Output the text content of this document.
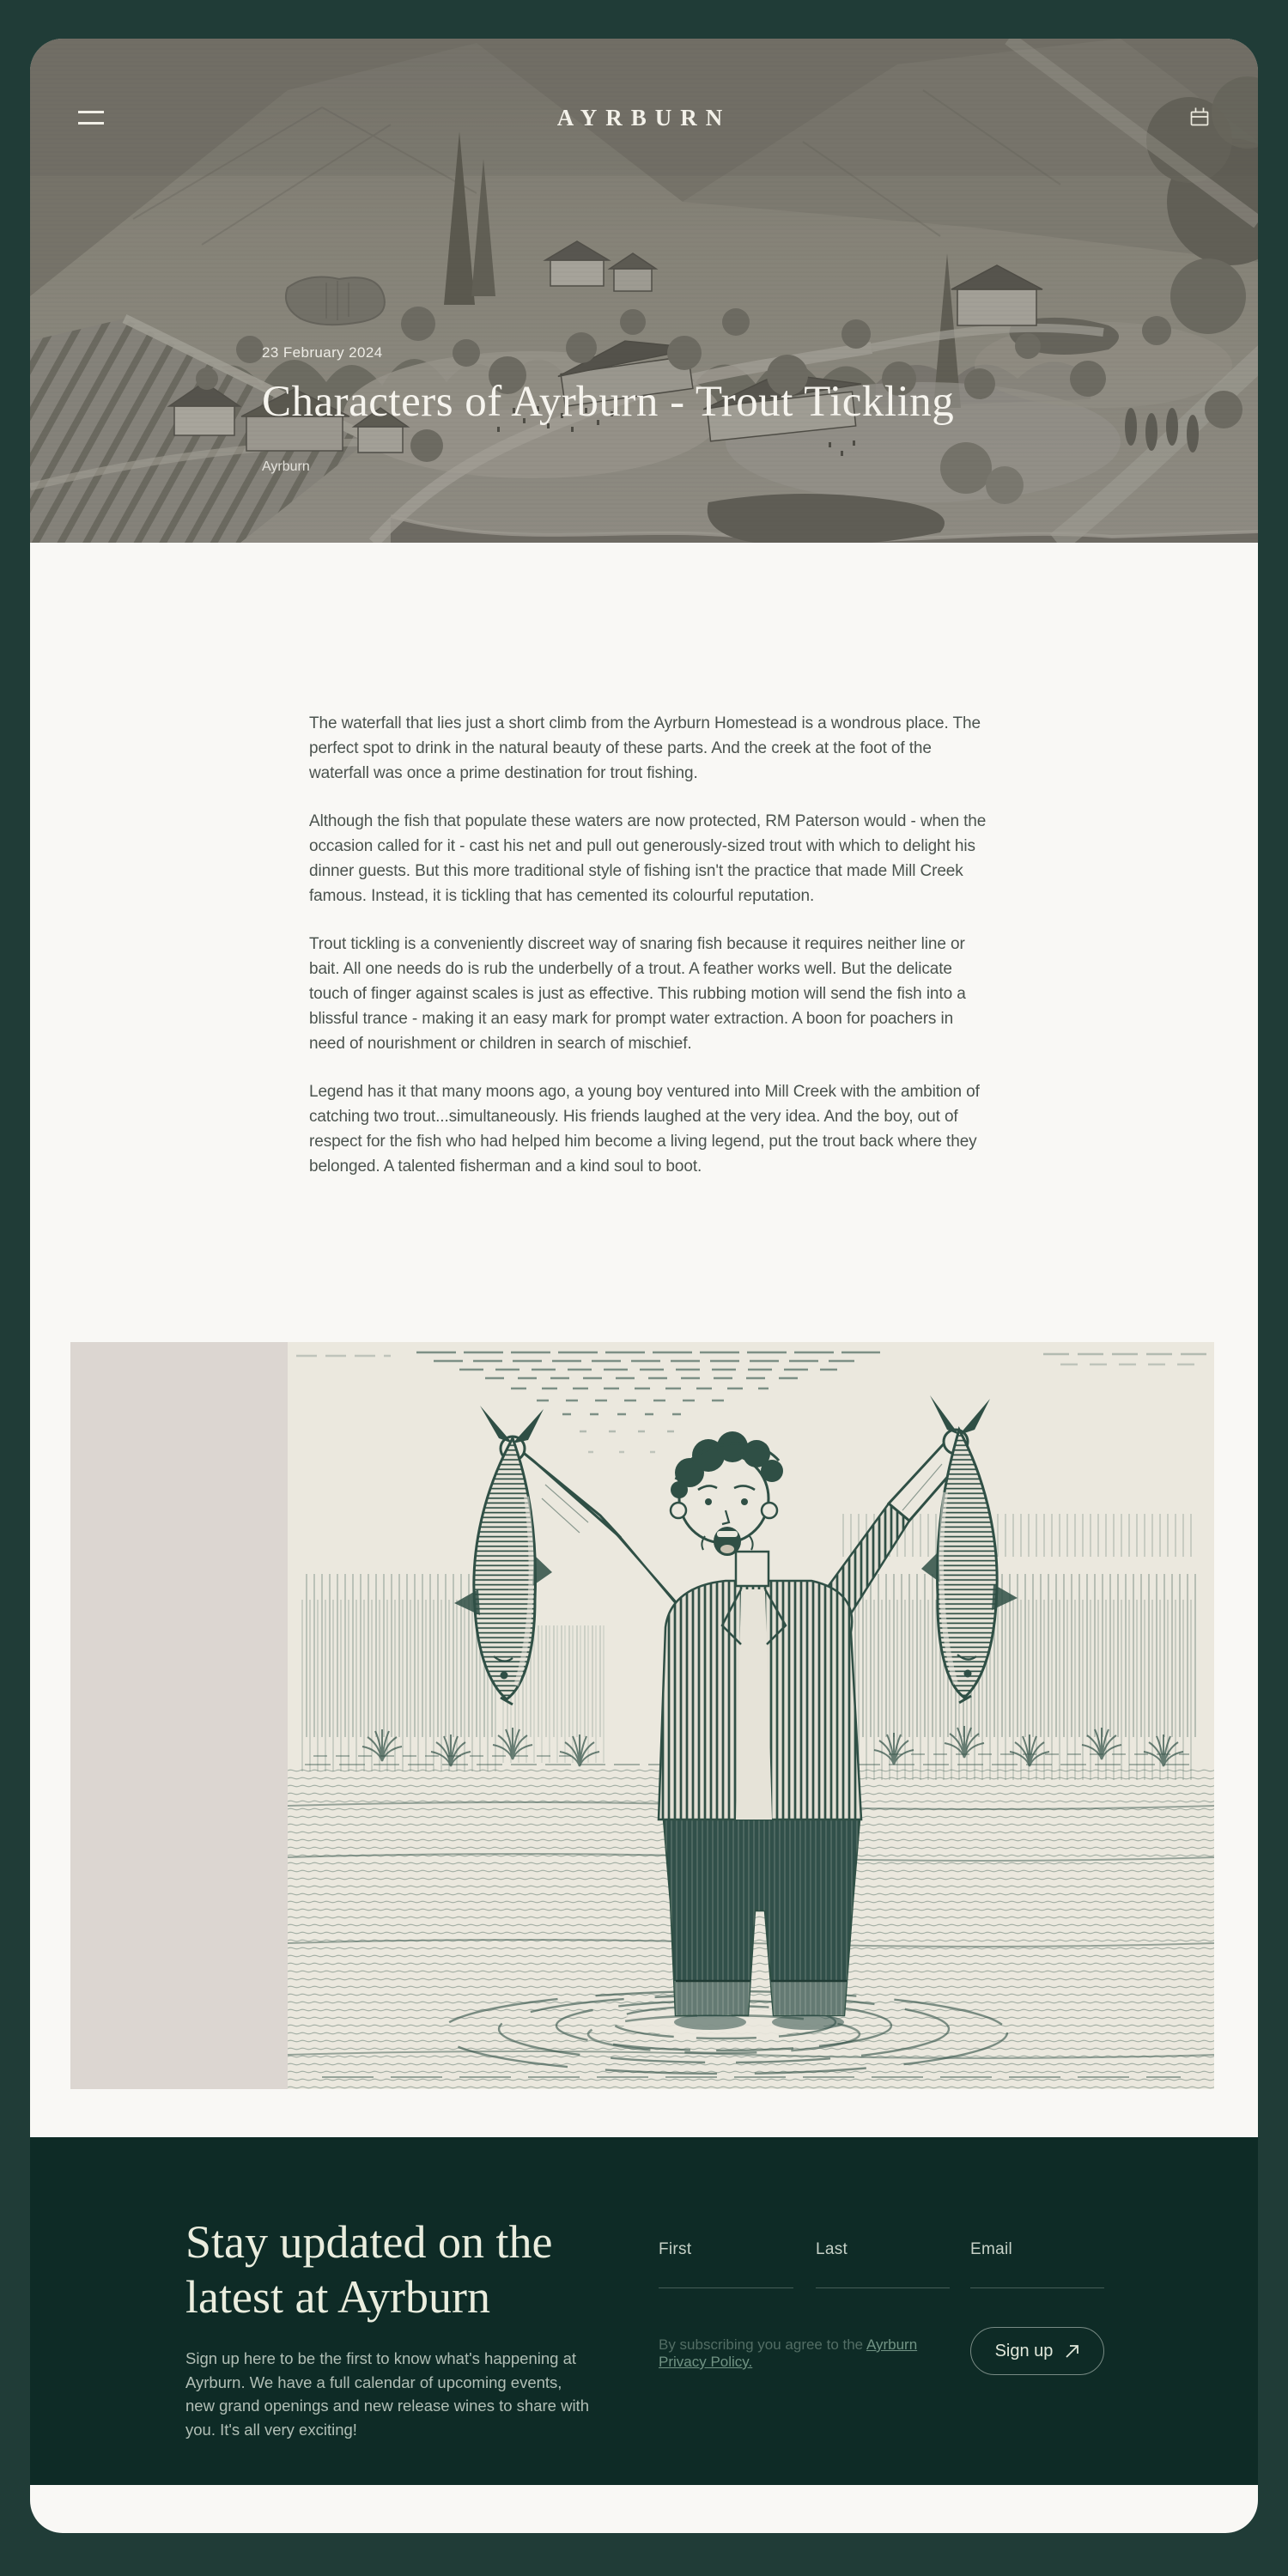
AYRBURN
23 February 2024
Characters of Ayrburn - Trout Tickling
Ayrburn

The waterfall that lies just a short climb from the Ayrburn Homestead is a wondrous place. The perfect spot to drink in the natural beauty of these parts. And the creek at the foot of the waterfall was once a prime destination for trout fishing.

Although the fish that populate these waters are now protected, RM Paterson would - when the occasion called for it - cast his net and pull out generously-sized trout with which to delight his dinner guests. But this more traditional style of fishing isn't the practice that made Mill Creek famous. Instead, it is tickling that has cemented its colourful reputation.

Trout tickling is a conveniently discreet way of snaring fish because it requires neither line or bait. All one needs do is rub the underbelly of a trout. A feather works well. But the delicate touch of finger against scales is just as effective. This rubbing motion will send the fish into a blissful trance - making it an easy mark for prompt water extraction. A boon for poachers in need of nourishment or children in search of mischief.

Legend has it that many moons ago, a young boy ventured into Mill Creek with the ambition of catching two trout...simultaneously. His friends laughed at the very idea. And the boy, out of respect for the fish who had helped him become a living legend, put the trout back where they belonged. A talented fisherman and a kind soul to boot.

Stay updated on the latest at Ayrburn

Sign up here to be the first to know what's happening at Ayrburn. We have a full calendar of upcoming events, new grand openings and new release wines to share with you. It's all very exciting!

First	Last	Email

By subscribing you agree to the Ayrburn Privacy Policy.

Sign up
